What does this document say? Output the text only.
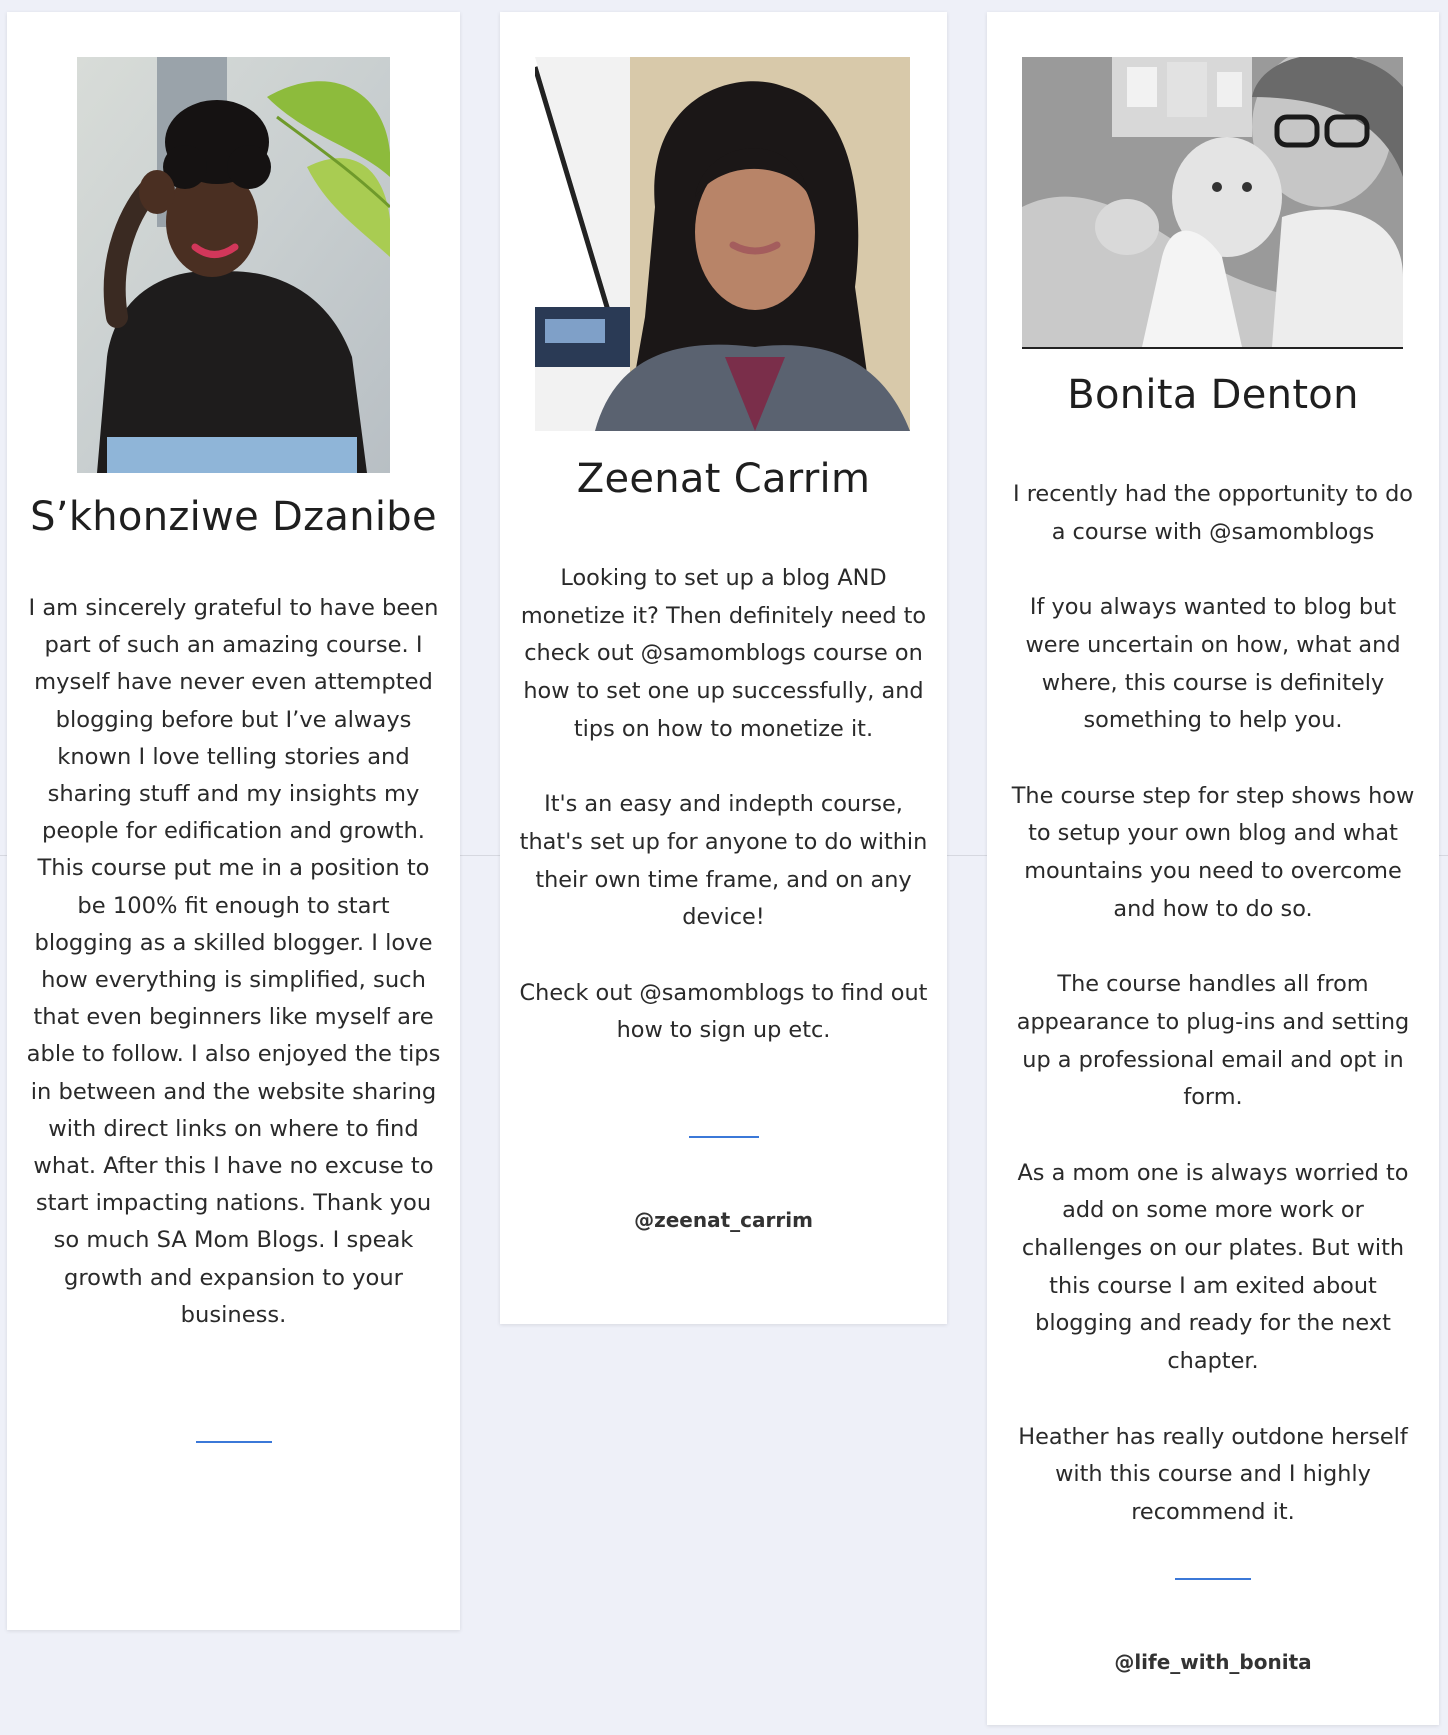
S’khonziwe Dzanibe

I am sincerely grateful to have been part of such an amazing course. I myself have never even attempted blogging before but I’ve always known I love telling stories and sharing stuff and my insights my people for edification and growth. This course put me in a position to be 100% fit enough to start blogging as a skilled blogger. I love how everything is simplified, such that even beginners like myself are able to follow. I also enjoyed the tips in between and the website sharing with direct links on where to find what. After this I have no excuse to start impacting nations. Thank you so much SA Mom Blogs. I speak growth and expansion to your business.

Zeenat Carrim

Looking to set up a blog AND monetize it? Then definitely need to check out @samomblogs course on how to set one up successfully, and tips on how to monetize it.

It's an easy and indepth course, that's set up for anyone to do within their own time frame, and on any device!

Check out @samomblogs to find out how to sign up etc.

@zeenat_carrim
Bonita Denton

I recently had the opportunity to do a course with @samomblogs

If you always wanted to blog but were uncertain on how, what and where, this course is definitely something to help you.

The course step for step shows how to setup your own blog and what mountains you need to overcome and how to do so.

The course handles all from appearance to plug-ins and setting up a professional email and opt in form.

As a mom one is always worried to add on some more work or challenges on our plates. But with this course I am exited about blogging and ready for the next chapter.

Heather has really outdone herself with this course and I highly recommend it.

@life_with_bonita
